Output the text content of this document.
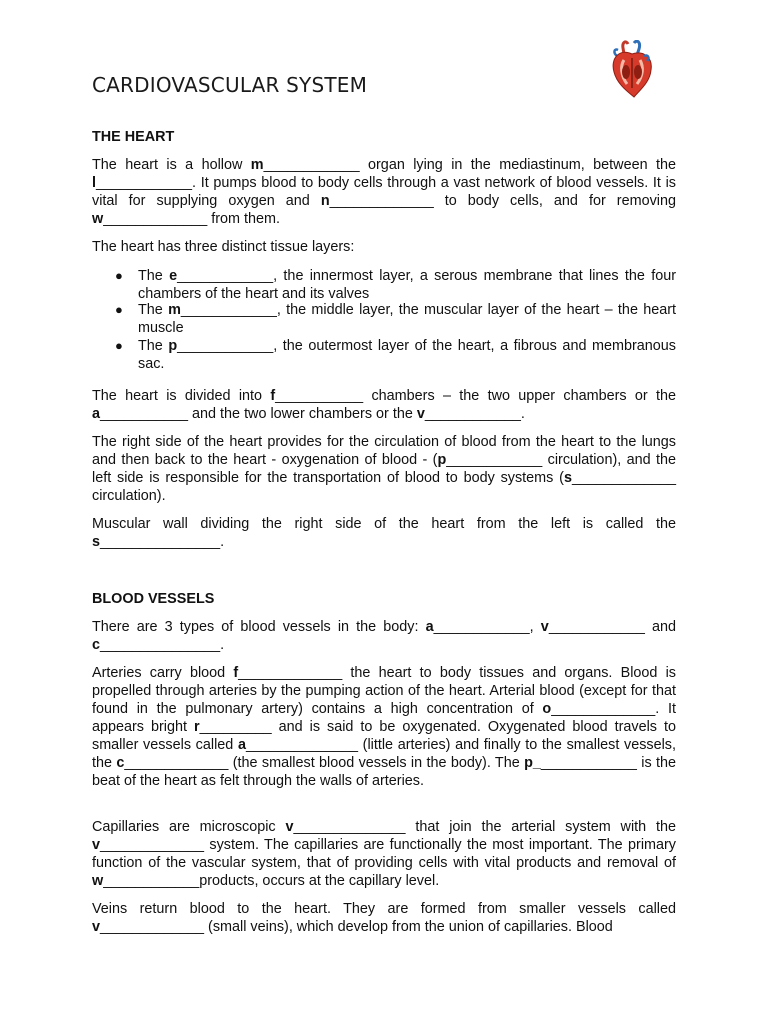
CARDIOVASCULAR SYSTEM
THE HEART

The heart is a hollow m____________ organ lying in the mediastinum, between the l____________. It pumps blood to body cells through a vast network of blood vessels. It is vital for supplying oxygen and n_____________ to body cells, and for removing w_____________ from them.

The heart has three distinct tissue layers:

● The e____________, the innermost layer, a serous membrane that lines the four chambers of the heart and its valves
● The m____________, the middle layer, the muscular layer of the heart – the heart muscle
● The p____________, the outermost layer of the heart, a fibrous and membranous sac.

The heart is divided into f___________ chambers – the two upper chambers or the a___________ and the two lower chambers or the v____________.

The right side of the heart provides for the circulation of blood from the heart to the lungs and then back to the heart - oxygenation of blood - (p____________ circulation), and the left side is responsible for the transportation of blood to body systems (s_____________ circulation).

Muscular wall dividing the right side of the heart from the left is called the s_______________.

BLOOD VESSELS

There are 3 types of blood vessels in the body: a____________, v____________ and c_______________.

Arteries carry blood f_____________ the heart to body tissues and organs. Blood is propelled through arteries by the pumping action of the heart. Arterial blood (except for that found in the pulmonary artery) contains a high concentration of o_____________. It appears bright r_________ and is said to be oxygenated. Oxygenated blood travels to smaller vessels called a______________ (little arteries) and finally to the smallest vessels, the c_____________ (the smallest blood vessels in the body). The p_____________ is the beat of the heart as felt through the walls of arteries.

Capillaries are microscopic v______________ that join the arterial system with the v_____________ system. The capillaries are functionally the most important. The primary function of the vascular system, that of providing cells with vital products and removal of w____________products, occurs at the capillary level.

Veins return blood to the heart. They are formed from smaller vessels called v_____________ (small veins), which develop from the union of capillaries. Blood
